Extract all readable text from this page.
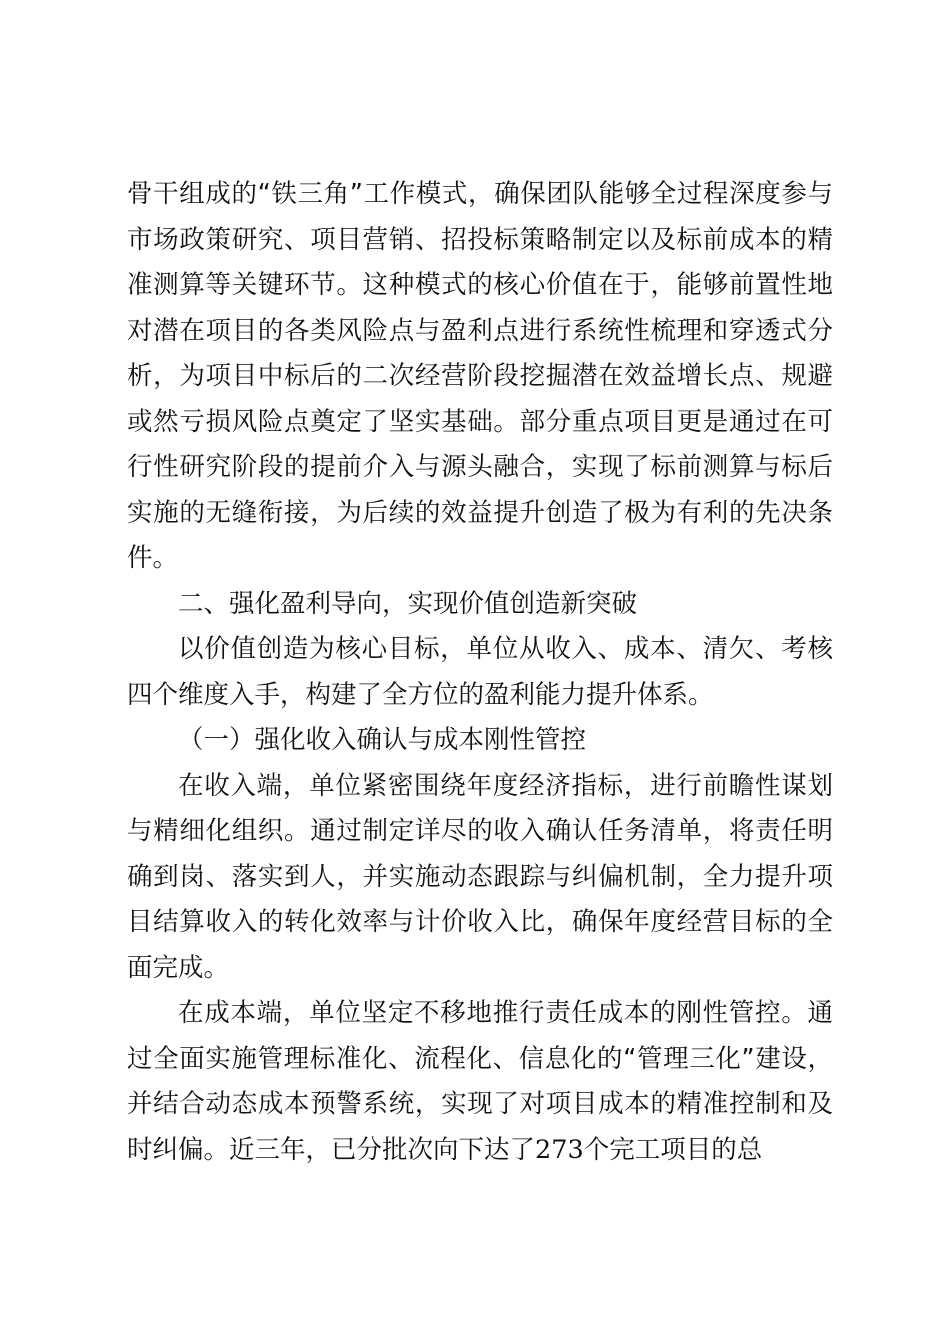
骨干组成的“铁三角”工作模式，确保团队能够全过程深度参与市场政策研究、项目营销、招投标策略制定以及标前成本的精准测算等关键环节。这种模式的核心价值在于，能够前置性地对潜在项目的各类风险点与盈利点进行系统性梳理和穿透式分析，为项目中标后的二次经营阶段挖掘潜在效益增长点、规避或然亏损风险点奠定了坚实基础。部分重点项目更是通过在可行性研究阶段的提前介入与源头融合，实现了标前测算与标后实施的无缝衔接，为后续的效益提升创造了极为有利的先决条件。

二、强化盈利导向，实现价值创造新突破

以价值创造为核心目标，单位从收入、成本、清欠、考核四个维度入手，构建了全方位的盈利能力提升体系。

（一）强化收入确认与成本刚性管控

在收入端，单位紧密围绕年度经济指标，进行前瞻性谋划与精细化组织。通过制定详尽的收入确认任务清单，将责任明确到岗、落实到人，并实施动态跟踪与纠偏机制，全力提升项目结算收入的转化效率与计价收入比，确保年度经营目标的全面完成。

在成本端，单位坚定不移地推行责任成本的刚性管控。通过全面实施管理标准化、流程化、信息化的“管理三化”建设，并结合动态成本预警系统，实现了对项目成本的精准控制和及时纠偏。近三年，已分批次向下达了273个完工项目的总
